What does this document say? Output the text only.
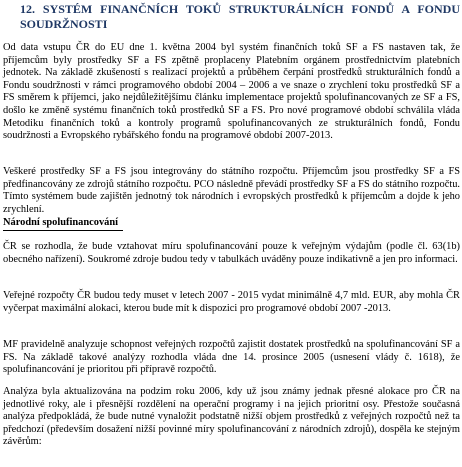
12. SYSTÉM FINANČNÍCH TOKŮ STRUKTURÁLNÍCH FONDŮ A FONDU SOUDRŽNOSTI

Od data vstupu ČR do EU dne 1. května 2004 byl systém finančních toků SF a FS nastaven tak, že příjemcům byly prostředky SF a FS zpětně proplaceny Platebním orgánem prostřednictvím platebních jednotek. Na základě zkušeností s realizací projektů a průběhem čerpání prostředků strukturálních fondů a Fondu soudržnosti v rámci programového období 2004 – 2006 a ve snaze o zrychlení toku prostředků SF a FS směrem k příjemci, jako nejdůležitějšímu článku implementace projektů spolufinancovaných ze SF a FS, došlo ke změně systému finančních toků prostředků SF a FS. Pro nové programové období schválila vláda Metodiku finančních toků a kontroly programů spolufinancovaných ze strukturálních fondů, Fondu soudržnosti a Evropského rybářského fondu na programové období 2007-2013.

Veškeré prostředky SF a FS jsou integrovány do státního rozpočtu. Příjemcům jsou prostředky SF a FS předfinancovány ze zdrojů státního rozpočtu. PCO následně převádí prostředky SF a FS do státního rozpočtu. Tímto systémem bude zajištěn jednotný tok národních i evropských prostředků k příjemcům a dojde k jeho zrychlení.

Národní spolufinancování

ČR se rozhodla, že bude vztahovat míru spolufinancování pouze k veřejným výdajům (podle čl. 63(1b) obecného nařízení). Soukromé zdroje budou tedy v tabulkách uváděny pouze indikativně a jen pro informaci.

Veřejné rozpočty ČR budou tedy muset v letech 2007 - 2015 vydat minimálně 4,7 mld. EUR, aby mohla ČR vyčerpat maximální alokaci, kterou bude mít k dispozici pro programové období 2007 -2013.

MF pravidelně analyzuje schopnost veřejných rozpočtů zajistit dostatek prostředků na spolufinancování SF a FS. Na základě takové analýzy rozhodla vláda dne 14. prosince 2005 (usnesení vlády č. 1618), že spolufinancování je prioritou při přípravě rozpočtů.

Analýza byla aktualizována na podzim roku 2006, kdy už jsou známy jednak přesné alokace pro ČR na jednotlivé roky, ale i přesnější rozdělení na operační programy i na jejich prioritní osy. Přestože současná analýza předpokládá, že bude nutné vynaložit podstatně nižší objem prostředků z veřejných rozpočtů než ta předchozí (především dosažení nižší povinné míry spolufinancování z národních zdrojů), dospěla ke stejným závěrům:
